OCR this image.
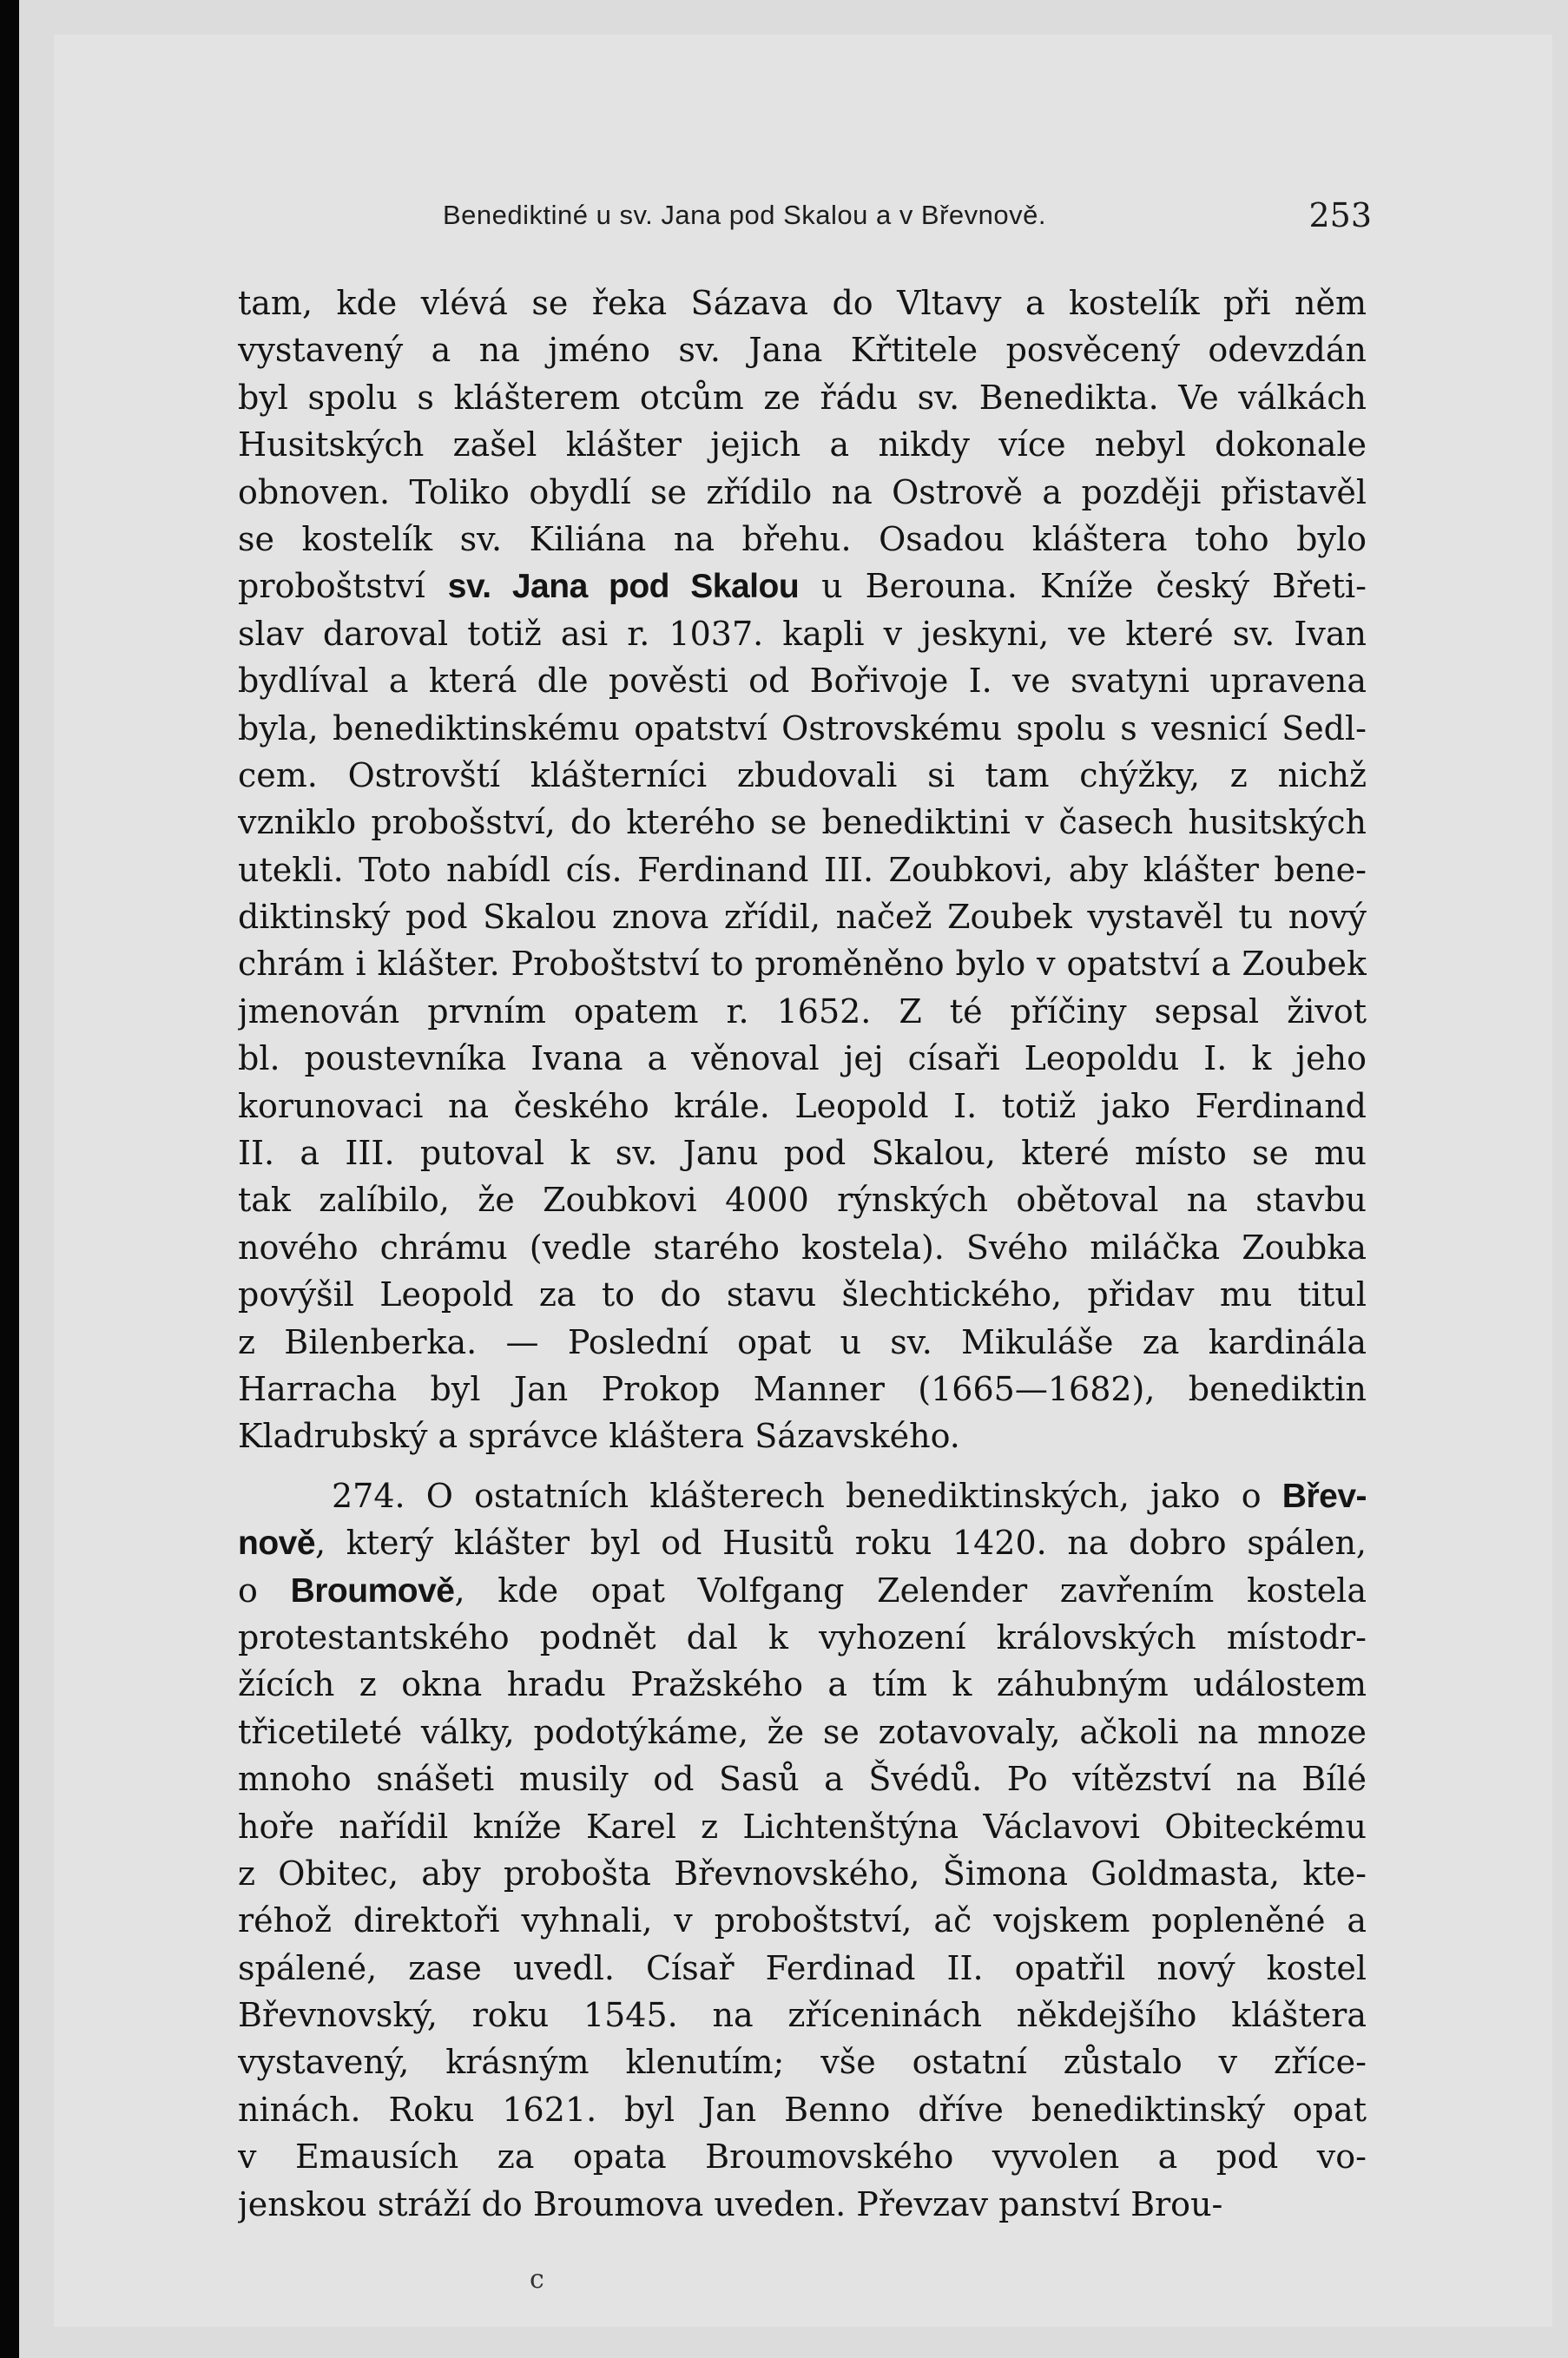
Benediktiné u sv. Jana pod Skalou a v Břevnově.	253
tam, kde vlévá se řeka Sázava do Vltavy a kostelík při něm
vystavený a na jméno sv. Jana Křtitele posvěcený odevzdán
byl spolu s klášterem otcům ze řádu sv. Benedikta. Ve válkách
Husitských zašel klášter jejich a nikdy více nebyl dokonale
obnoven. Toliko obydlí se zřídilo na Ostrově a později přistavěl
se kostelík sv. Kiliána na břehu. Osadou kláštera toho bylo
proboštství sv. Jana pod Skalou u Berouna. Kníže český Břeti-
slav daroval totiž asi r. 1037. kapli v jeskyni, ve které sv. Ivan
bydlíval a která dle pověsti od Bořivoje I. ve svatyni upravena
byla, benediktinskému opatství Ostrovskému spolu s vesnicí Sedl-
cem. Ostrovští klášterníci zbudovali si tam chýžky, z nichž
vzniklo probošství, do kterého se benediktini v časech husitských
utekli. Toto nabídl cís. Ferdinand III. Zoubkovi, aby klášter bene-
diktinský pod Skalou znova zřídil, načež Zoubek vystavěl tu nový
chrám i klášter. Proboštství to proměněno bylo v opatství a Zoubek
jmenován prvním opatem r. 1652. Z té příčiny sepsal život
bl. poustevníka Ivana a věnoval jej císaři Leopoldu I. k jeho
korunovaci na českého krále. Leopold I. totiž jako Ferdinand
II. a III. putoval k sv. Janu pod Skalou, které místo se mu
tak zalíbilo, že Zoubkovi 4000 rýnských obětoval na stavbu
nového chrámu (vedle starého kostela). Svého miláčka Zoubka
povýšil Leopold za to do stavu šlechtického, přidav mu titul
z Bilenberka. — Poslední opat u sv. Mikuláše za kardinála
Harracha byl Jan Prokop Manner (1665—1682), benediktin
Kladrubský a správce kláštera Sázavského.
274. O ostatních klášterech benediktinských, jako o Břev-
nově, který klášter byl od Husitů roku 1420. na dobro spálen,
o Broumově, kde opat Volfgang Zelender zavřením kostela
protestantského podnět dal k vyhození královských místodr-
žících z okna hradu Pražského a tím k záhubným událostem
třicetileté války, podotýkáme, že se zotavovaly, ačkoli na mnoze
mnoho snášeti musily od Sasů a Švédů. Po vítězství na Bílé
hoře nařídil kníže Karel z Lichtenštýna Václavovi Obiteckému
z Obitec, aby probošta Břevnovského, Šimona Goldmasta, kte-
réhož direktoři vyhnali, v proboštství, ač vojskem popleněné a
spálené, zase uvedl. Císař Ferdinad II. opatřil nový kostel
Břevnovský, roku 1545. na zříceninách někdejšího kláštera
vystavený, krásným klenutím; vše ostatní zůstalo v zříce-
ninách. Roku 1621. byl Jan Benno dříve benediktinský opat
v Emausích za opata Broumovského vyvolen a pod vo-
jenskou stráží do Broumova uveden. Převzav panství Brou-
c
